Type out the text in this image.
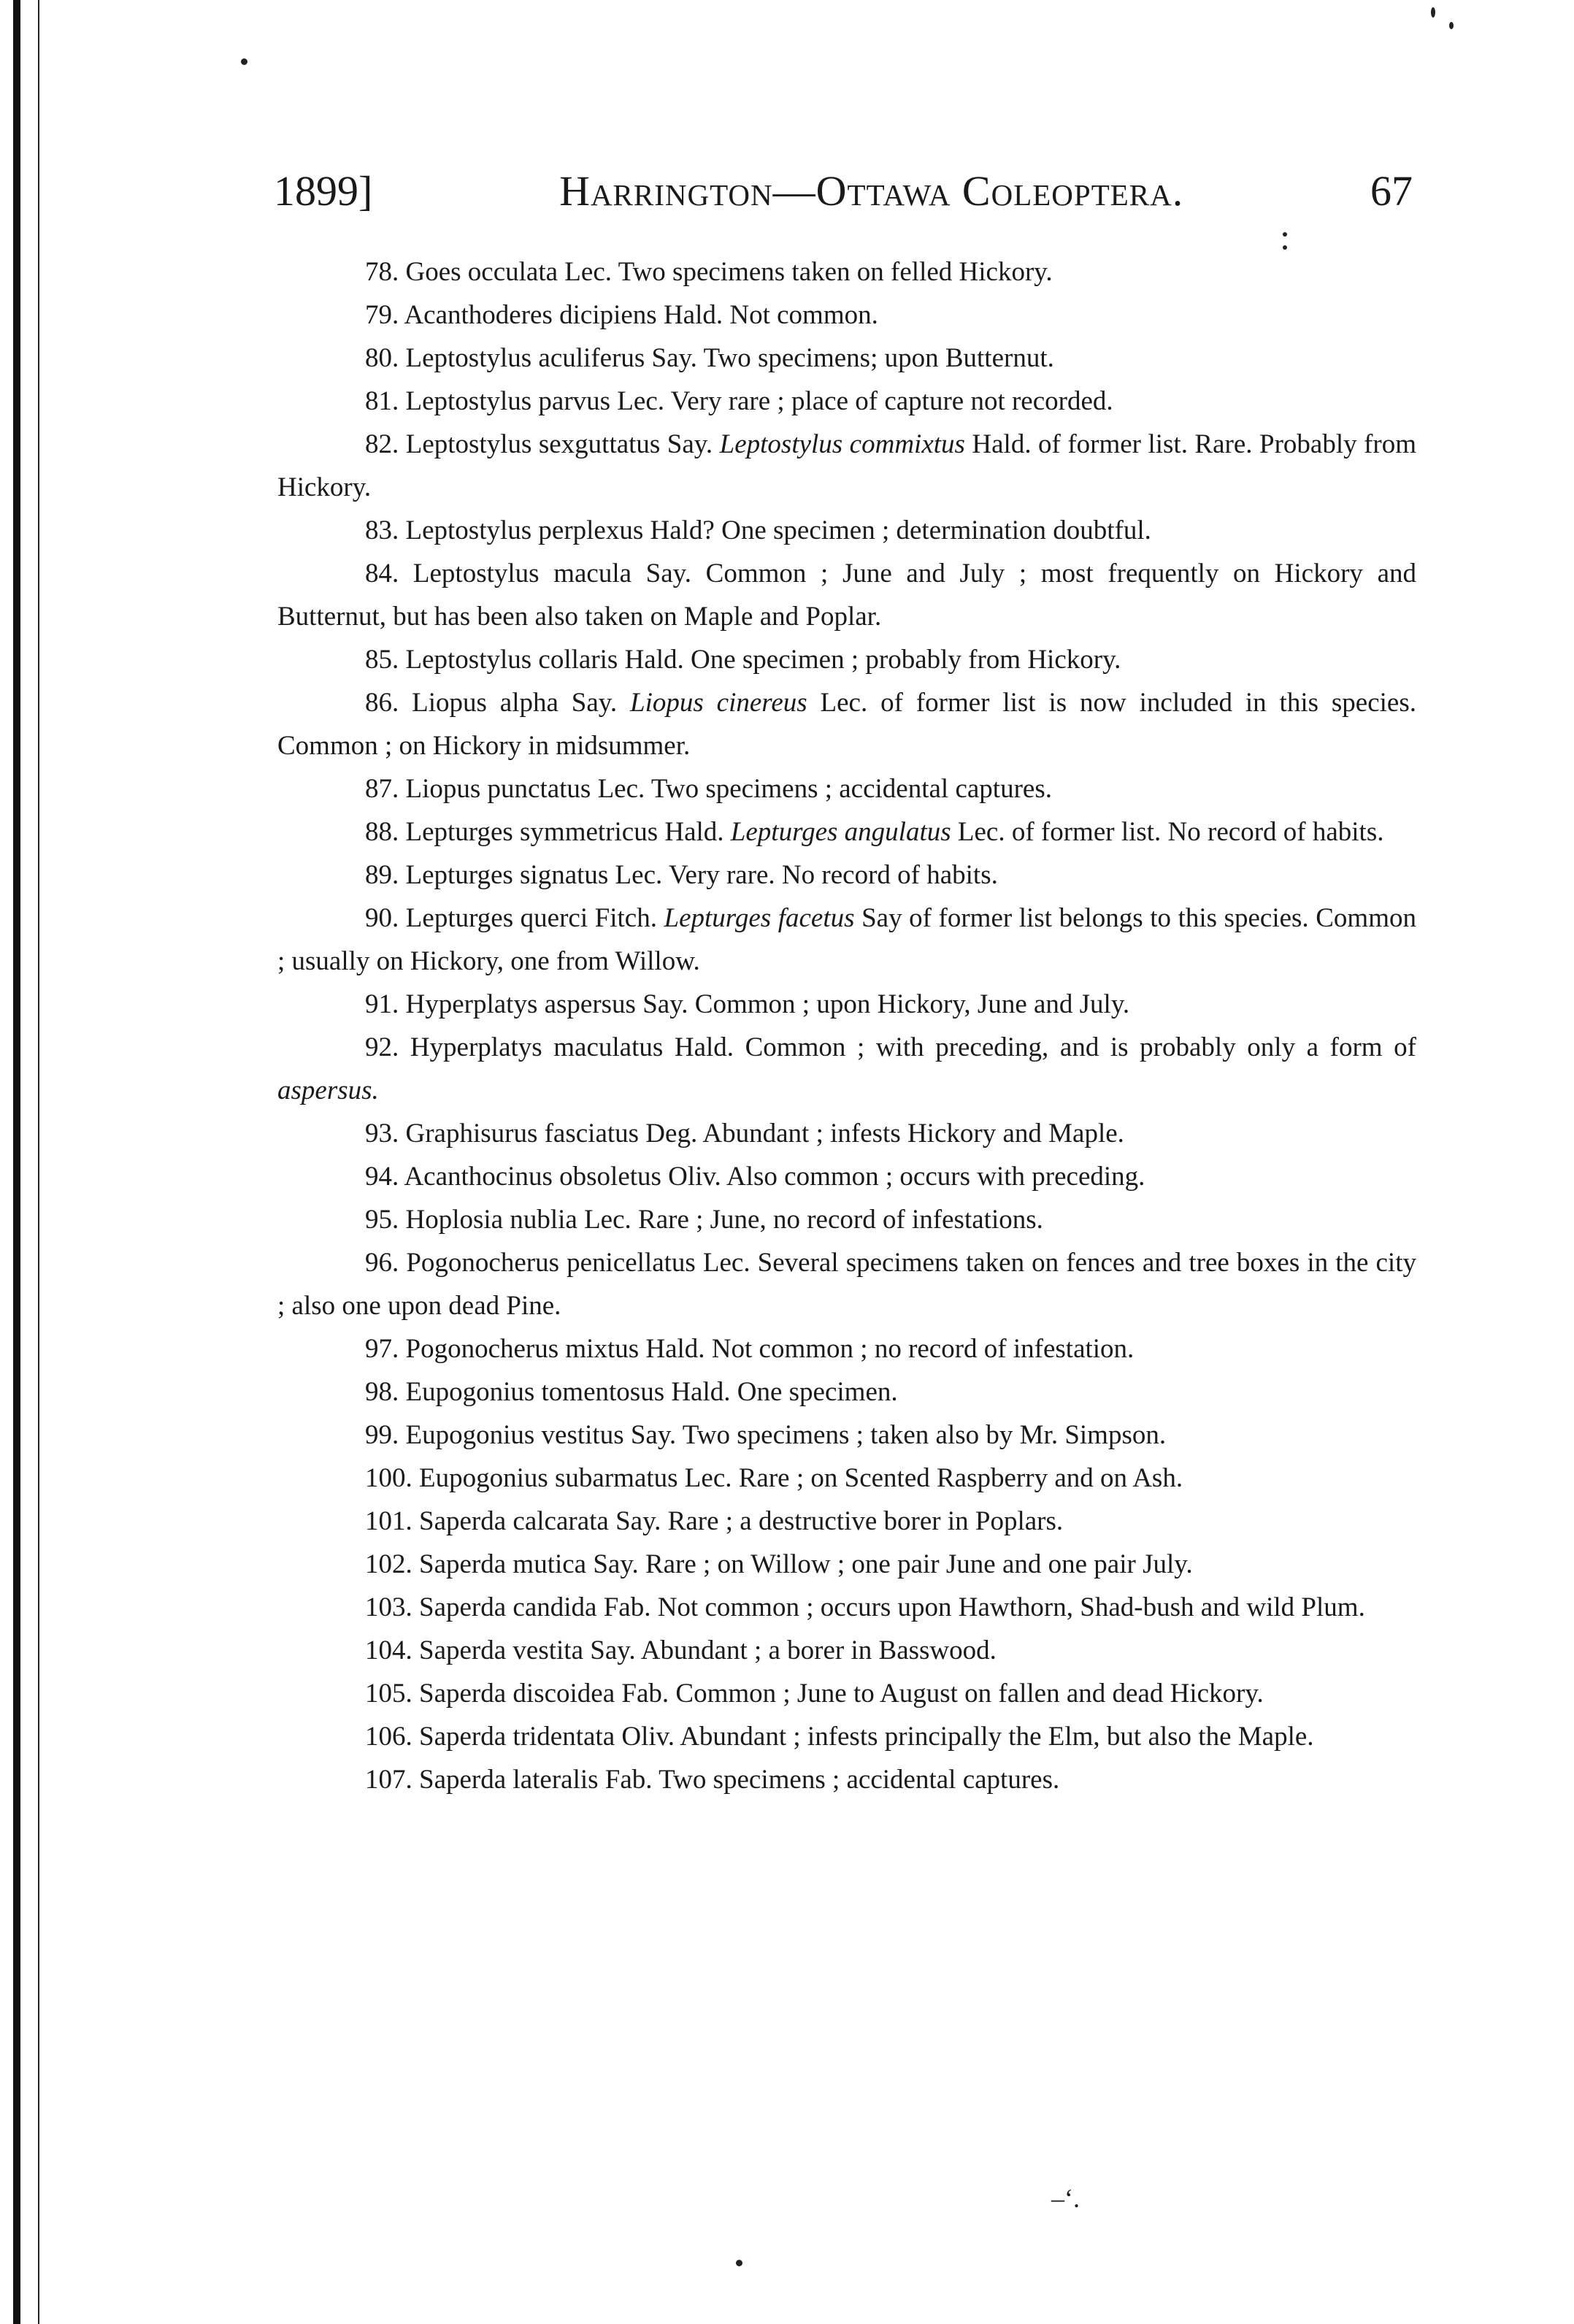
1899]	Harrington—Ottawa Coleoptera.	67

78. Goes occulata Lec. Two specimens taken on felled Hickory.

79. Acanthoderes dicipiens Hald. Not common.

80. Leptostylus aculiferus Say. Two specimens; upon Butternut.

81. Leptostylus parvus Lec. Very rare ; place of capture not recorded.

82. Leptostylus sexguttatus Say. Leptostylus commixtus Hald. of former list. Rare. Probably from Hickory.

83. Leptostylus perplexus Hald? One specimen ; determination doubtful.

84. Leptostylus macula Say. Common ; June and July ; most frequently on Hickory and Butternut, but has been also taken on Maple and Poplar.

85. Leptostylus collaris Hald. One specimen ; probably from Hickory.

86. Liopus alpha Say. Liopus cinereus Lec. of former list is now included in this species. Common ; on Hickory in midsummer.

87. Liopus punctatus Lec. Two specimens ; accidental captures.

88. Lepturges symmetricus Hald. Lepturges angulatus Lec. of former list. No record of habits.

89. Lepturges signatus Lec. Very rare. No record of habits.

90. Lepturges querci Fitch. Lepturges facetus Say of former list belongs to this species. Common ; usually on Hickory, one from Willow.

91. Hyperplatys aspersus Say. Common ; upon Hickory, June and July.

92. Hyperplatys maculatus Hald. Common ; with preceding, and is probably only a form of aspersus.

93. Graphisurus fasciatus Deg. Abundant ; infests Hickory and Maple.

94. Acanthocinus obsoletus Oliv. Also common ; occurs with preceding.

95. Hoplosia nublia Lec. Rare ; June, no record of infestations.

96. Pogonocherus penicellatus Lec. Several specimens taken on fences and tree boxes in the city ; also one upon dead Pine.

97. Pogonocherus mixtus Hald. Not common ; no record of infestation.

98. Eupogonius tomentosus Hald. One specimen.

99. Eupogonius vestitus Say. Two specimens ; taken also by Mr. Simpson.

100. Eupogonius subarmatus Lec. Rare ; on Scented Raspberry and on Ash.

101. Saperda calcarata Say. Rare ; a destructive borer in Poplars.

102. Saperda mutica Say. Rare ; on Willow ; one pair June and one pair July.

103. Saperda candida Fab. Not common ; occurs upon Hawthorn, Shad-bush and wild Plum.

104. Saperda vestita Say. Abundant ; a borer in Basswood.

105. Saperda discoidea Fab. Common ; June to August on fallen and dead Hickory.

106. Saperda tridentata Oliv. Abundant ; infests principally the Elm, but also the Maple.

107. Saperda lateralis Fab. Two specimens ; accidental captures.

–ʻ.
